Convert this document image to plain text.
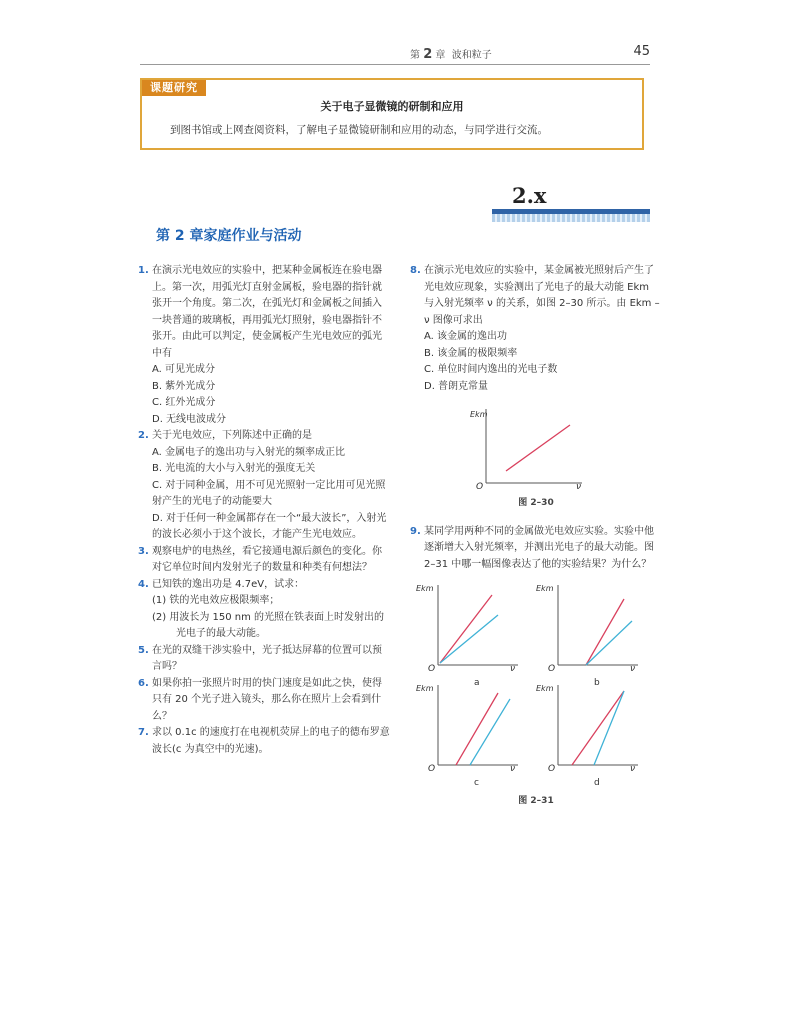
第 2 章 波和粒子	45
课题研究
关于电子显微镜的研制和应用
到图书馆或上网查阅资料，了解电子显微镜研制和应用的动态，与同学进行交流。
2.x
第 2 章家庭作业与活动
1. 在演示光电效应的实验中，把某种金属板连在验电器上。第一次，用弧光灯直射金属板，验电器的指针就张开一个角度。第二次，在弧光灯和金属板之间插入一块普通的玻璃板，再用弧光灯照射，验电器指针不张开。由此可以判定，使金属板产生光电效应的弧光中有
A. 可见光成分
B. 紫外光成分
C. 红外光成分
D. 无线电波成分
2. 关于光电效应，下列陈述中正确的是
A. 金属电子的逸出功与入射光的频率成正比
B. 光电流的大小与入射光的强度无关
C. 对于同种金属，用不可见光照射一定比用可见光照射产生的光电子的动能要大
D. 对于任何一种金属都存在一个“最大波长”，入射光的波长必须小于这个波长，才能产生光电效应。
3. 观察电炉的电热丝，看它接通电源后颜色的变化。你对它单位时间内发射光子的数量和种类有何想法？
4. 已知铁的逸出功是 4.7eV，试求：
(1) 铁的光电效应极限频率；
(2) 用波长为 150 nm 的光照在铁表面上时发射出的光电子的最大动能。
5. 在光的双缝干涉实验中，光子抵达屏幕的位置可以预言吗？
6. 如果你拍一张照片时用的快门速度是如此之快，使得只有 20 个光子进入镜头，那么你在照片上会看到什么？
7. 求以 0.1c 的速度打在电视机荧屏上的电子的德布罗意波长(c 为真空中的光速)。
8. 在演示光电效应的实验中，某金属被光照射后产生了光电效应现象，实验测出了光电子的最大动能 Ekm 与入射光频率 ν 的关系，如图 2–30 所示。由 Ekm – ν 图像可求出
A. 该金属的逸出功
B. 该金属的极限频率
C. 单位时间内逸出的光电子数
D. 普朗克常量
Ekm
ν
O
图 2–30
9. 某同学用两种不同的金属做光电效应实验。实验中他逐渐增大入射光频率，并测出光电子的最大动能。图 2–31 中哪一幅图像表达了他的实验结果？为什么？
Ekm
ν
O
a
Ekm
ν
O
b
Ekm
ν
O
c
Ekm
ν
O
d
图 2–31
